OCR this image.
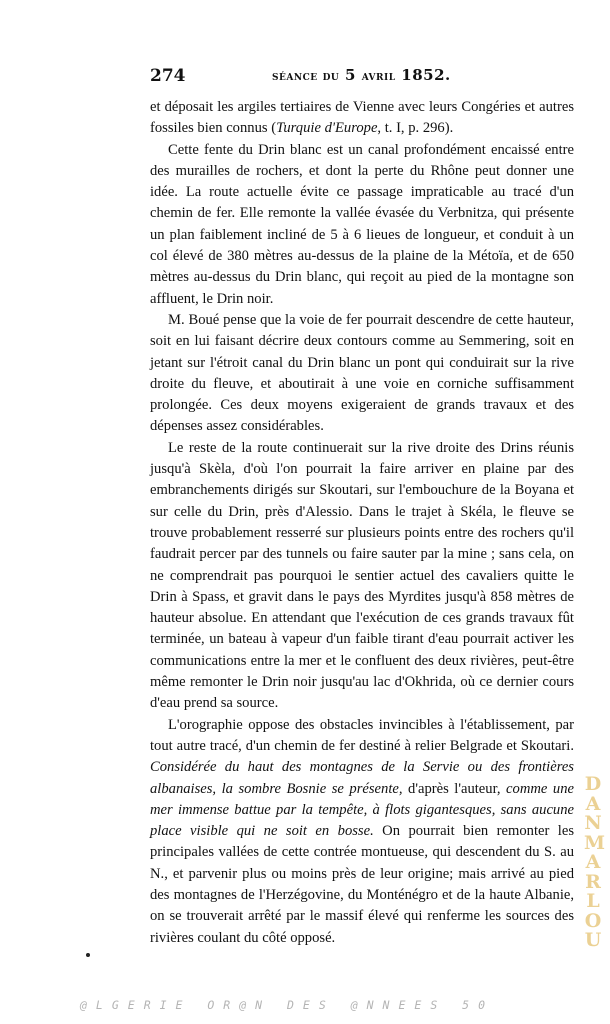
274	séance du 5 avril 1852.

et déposait les argiles tertiaires de Vienne avec leurs Congéries et autres fossiles bien connus (Turquie d'Europe, t. I, p. 296).

Cette fente du Drin blanc est un canal profondément encaissé entre des murailles de rochers, et dont la perte du Rhône peut donner une idée. La route actuelle évite ce passage impraticable au tracé d'un chemin de fer. Elle remonte la vallée évasée du Verbnitza, qui présente un plan faiblement incliné de 5 à 6 lieues de longueur, et conduit à un col élevé de 380 mètres au-dessus de la plaine de la Métoïa, et de 650 mètres au-dessus du Drin blanc, qui reçoit au pied de la montagne son affluent, le Drin noir.

M. Boué pense que la voie de fer pourrait descendre de cette hauteur, soit en lui faisant décrire deux contours comme au Semmering, soit en jetant sur l'étroit canal du Drin blanc un pont qui conduirait sur la rive droite du fleuve, et aboutirait à une voie en corniche suffisamment prolongée. Ces deux moyens exigeraient de grands travaux et des dépenses assez considérables.

Le reste de la route continuerait sur la rive droite des Drins réunis jusqu'à Skèla, d'où l'on pourrait la faire arriver en plaine par des embranchements dirigés sur Skoutari, sur l'embouchure de la Boyana et sur celle du Drin, près d'Alessio. Dans le trajet à Skéla, le fleuve se trouve probablement resserré sur plusieurs points entre des rochers qu'il faudrait percer par des tunnels ou faire sauter par la mine ; sans cela, on ne comprendrait pas pourquoi le sentier actuel des cavaliers quitte le Drin à Spass, et gravit dans le pays des Myrdites jusqu'à 858 mètres de hauteur absolue. En attendant que l'exécution de ces grands travaux fût terminée, un bateau à vapeur d'un faible tirant d'eau pourrait activer les communications entre la mer et le confluent des deux rivières, peut-être même remonter le Drin noir jusqu'au lac d'Okhrida, où ce dernier cours d'eau prend sa source.

L'orographie oppose des obstacles invincibles à l'établissement, par tout autre tracé, d'un chemin de fer destiné à relier Belgrade et Skoutari. Considérée du haut des montagnes de la Servie ou des frontières albanaises, la sombre Bosnie se présente, d'après l'auteur, comme une mer immense battue par la tempête, à flots gigantesques, sans aucune place visible qui ne soit en bosse. On pourrait bien remonter les principales vallées de cette contrée montueuse, qui descendent du S. au N., et parvenir plus ou moins près de leur origine; mais arrivé au pied des montagnes de l'Herzégovine, du Monténégro et de la haute Albanie, on se trouverait arrêté par le massif élevé qui renferme les sources des rivières coulant du côté opposé.

DANMARLOU
@LGERIE OR@N DES @NNEES 50
